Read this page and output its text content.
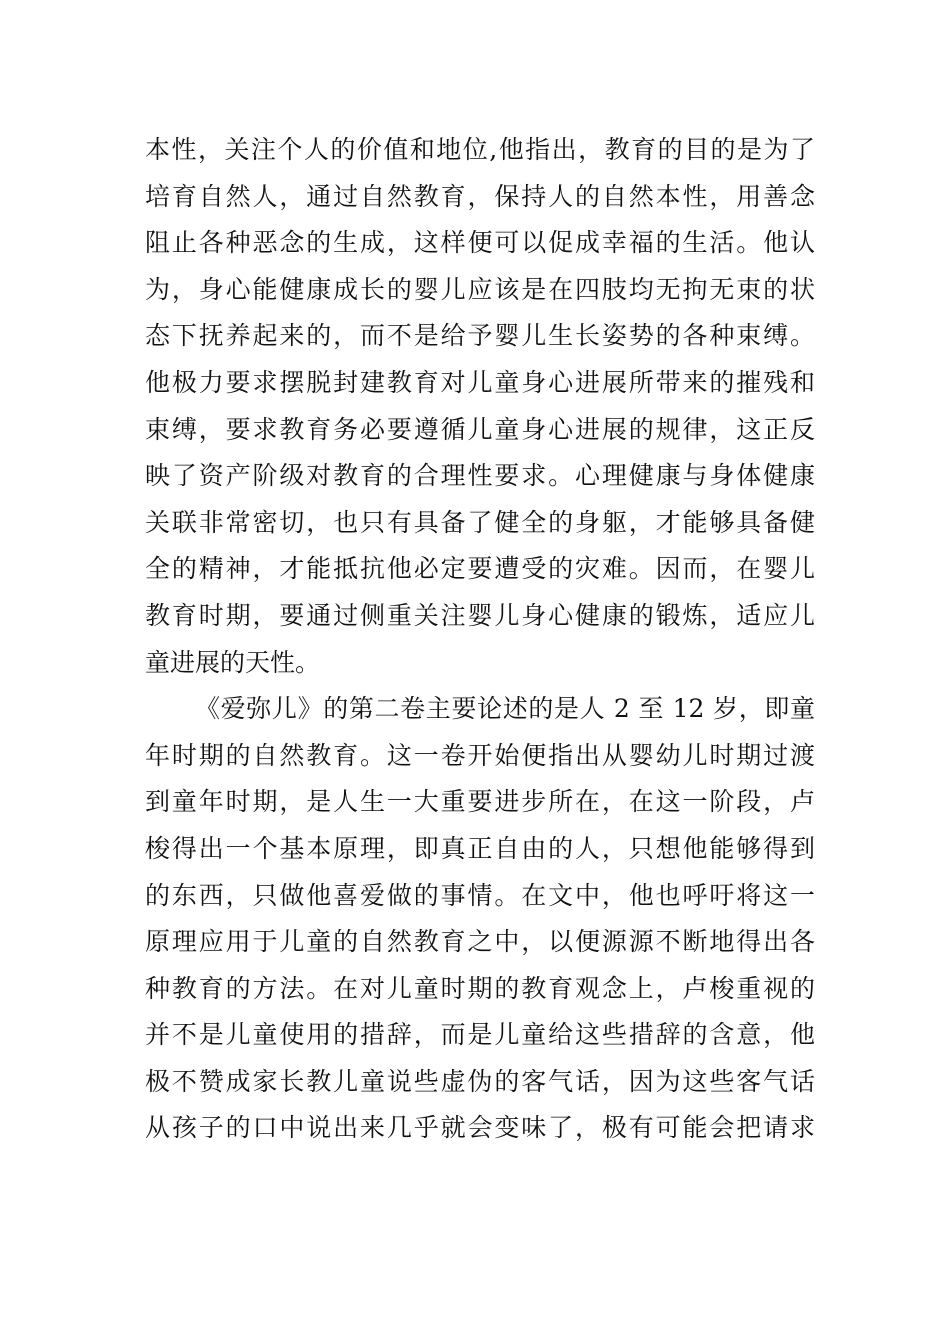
本性，关注个人的价值和地位,他指出，教育的目的是为了
培育自然人，通过自然教育，保持人的自然本性，用善念
阻止各种恶念的生成，这样便可以促成幸福的生活。他认
为，身心能健康成长的婴儿应该是在四肢均无拘无束的状
态下抚养起来的，而不是给予婴儿生长姿势的各种束缚。
他极力要求摆脱封建教育对儿童身心进展所带来的摧残和
束缚，要求教育务必要遵循儿童身心进展的规律，这正反
映了资产阶级对教育的合理性要求。心理健康与身体健康
关联非常密切，也只有具备了健全的身躯，才能够具备健
全的精神，才能抵抗他必定要遭受的灾难。因而，在婴儿
教育时期，要通过侧重关注婴儿身心健康的锻炼，适应儿
童进展的天性。
《爱弥儿》的第二卷主要论述的是人 2 至 12 岁，即童
年时期的自然教育。这一卷开始便指出从婴幼儿时期过渡
到童年时期，是人生一大重要进步所在，在这一阶段，卢
梭得出一个基本原理，即真正自由的人，只想他能够得到
的东西，只做他喜爱做的事情。在文中，他也呼吁将这一
原理应用于儿童的自然教育之中，以便源源不断地得出各
种教育的方法。在对儿童时期的教育观念上，卢梭重视的
并不是儿童使用的措辞，而是儿童给这些措辞的含意，他
极不赞成家长教儿童说些虚伪的客气话，因为这些客气话
从孩子的口中说出来几乎就会变味了，极有可能会把请求
